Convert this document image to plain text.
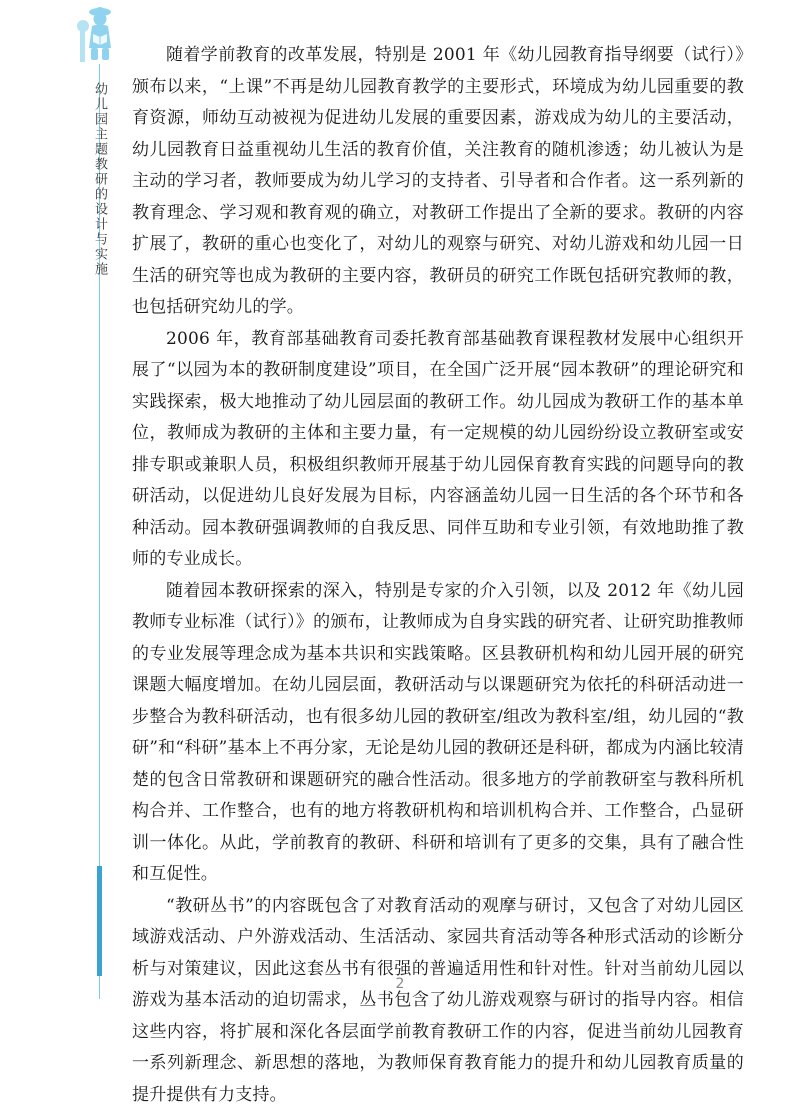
幼儿园主题教研的设计与实施

随着学前教育的改革发展，特别是 2001 年《幼儿园教育指导纲要（试行）》颁布以来，“上课”不再是幼儿园教育教学的主要形式，环境成为幼儿园重要的教育资源，师幼互动被视为促进幼儿发展的重要因素，游戏成为幼儿的主要活动，幼儿园教育日益重视幼儿生活的教育价值，关注教育的随机渗透；幼儿被认为是主动的学习者，教师要成为幼儿学习的支持者、引导者和合作者。这一系列新的教育理念、学习观和教育观的确立，对教研工作提出了全新的要求。教研的内容扩展了，教研的重心也变化了，对幼儿的观察与研究、对幼儿游戏和幼儿园一日生活的研究等也成为教研的主要内容，教研员的研究工作既包括研究教师的教，也包括研究幼儿的学。

2006 年，教育部基础教育司委托教育部基础教育课程教材发展中心组织开展了“以园为本的教研制度建设”项目，在全国广泛开展“园本教研”的理论研究和实践探索，极大地推动了幼儿园层面的教研工作。幼儿园成为教研工作的基本单位，教师成为教研的主体和主要力量，有一定规模的幼儿园纷纷设立教研室或安排专职或兼职人员，积极组织教师开展基于幼儿园保育教育实践的问题导向的教研活动，以促进幼儿良好发展为目标，内容涵盖幼儿园一日生活的各个环节和各种活动。园本教研强调教师的自我反思、同伴互助和专业引领，有效地助推了教师的专业成长。

随着园本教研探索的深入，特别是专家的介入引领，以及 2012 年《幼儿园教师专业标准（试行）》的颁布，让教师成为自身实践的研究者、让研究助推教师的专业发展等理念成为基本共识和实践策略。区县教研机构和幼儿园开展的研究课题大幅度增加。在幼儿园层面，教研活动与以课题研究为依托的科研活动进一步整合为教科研活动，也有很多幼儿园的教研室/组改为教科室/组，幼儿园的“教研”和“科研”基本上不再分家，无论是幼儿园的教研还是科研，都成为内涵比较清楚的包含日常教研和课题研究的融合性活动。很多地方的学前教研室与教科所机构合并、工作整合，也有的地方将教研机构和培训机构合并、工作整合，凸显研训一体化。从此，学前教育的教研、科研和培训有了更多的交集，具有了融合性和互促性。

“教研丛书”的内容既包含了对教育活动的观摩与研讨，又包含了对幼儿园区域游戏活动、户外游戏活动、生活活动、家园共育活动等各种形式活动的诊断分析与对策建议，因此这套丛书有很强的普遍适用性和针对性。针对当前幼儿园以游戏为基本活动的迫切需求，丛书包含了幼儿游戏观察与研讨的指导内容。相信这些内容，将扩展和深化各层面学前教育教研工作的内容，促进当前幼儿园教育一系列新理念、新思想的落地，为教师保育教育能力的提升和幼儿园教育质量的提升提供有力支持。

2
